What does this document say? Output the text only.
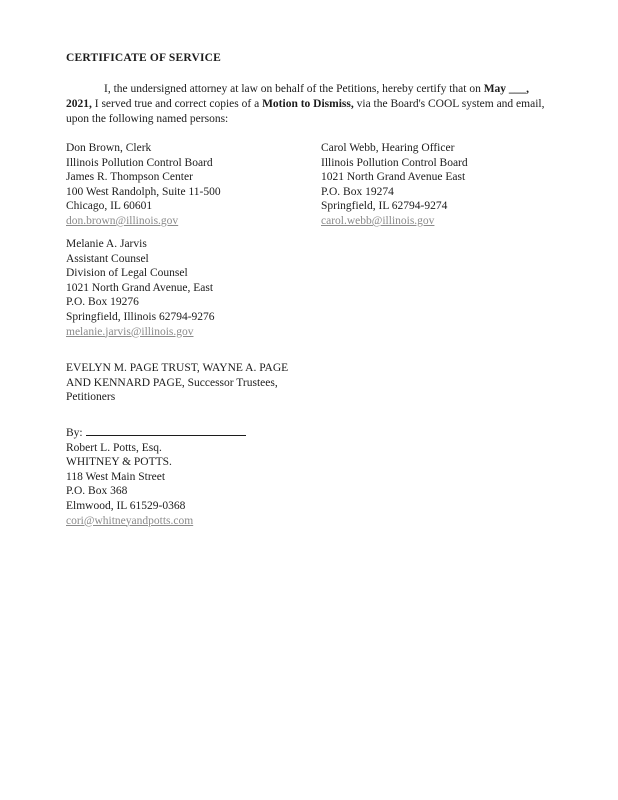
CERTIFICATE OF SERVICE

I, the undersigned attorney at law on behalf of the Petitions, hereby certify that on May ___, 2021, I served true and correct copies of a Motion to Dismiss, via the Board's COOL system and email, upon the following named persons:

Don Brown, Clerk
Illinois Pollution Control Board
James R. Thompson Center
100 West Randolph, Suite 11-500
Chicago, IL 60601
don.brown@illinois.gov
Carol Webb, Hearing Officer
Illinois Pollution Control Board
1021 North Grand Avenue East
P.O. Box 19274
Springfield, IL 62794-9274
carol.webb@illinois.gov
Melanie A. Jarvis
Assistant Counsel
Division of Legal Counsel
1021 North Grand Avenue, East
P.O. Box 19276
Springfield, Illinois 62794-9276
melanie.jarvis@illinois.gov
EVELYN M. PAGE TRUST, WAYNE A. PAGE
AND KENNARD PAGE, Successor Trustees,
Petitioners
By:
Robert L. Potts, Esq.
WHITNEY & POTTS.
118 West Main Street
P.O. Box 368
Elmwood, IL 61529-0368
cori@whitneyandpotts.com
